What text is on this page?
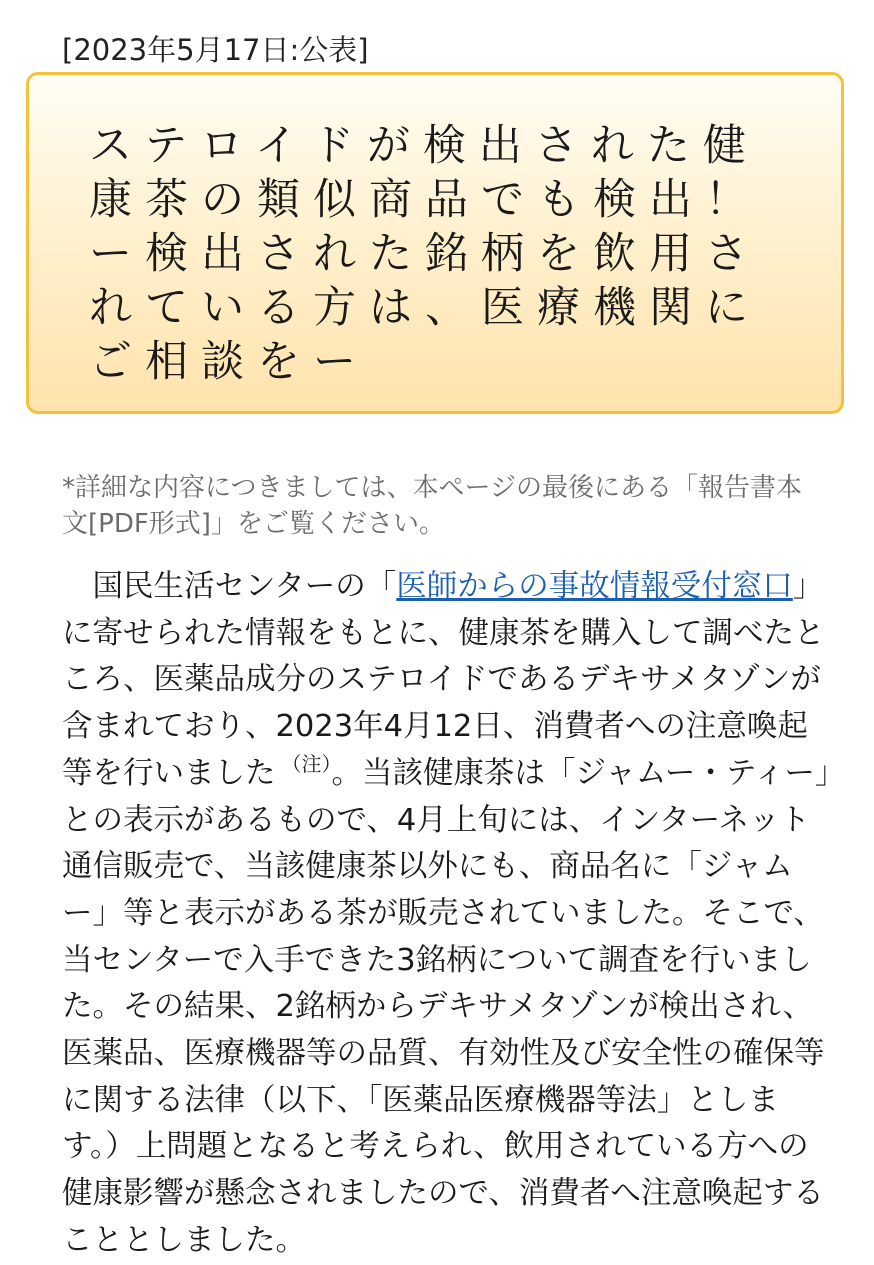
[2023年5月17日:公表]
ステロイドが検出された健康茶の類似商品でも検出！ー検出された銘柄を飲用されている方は、医療機関にご相談をー
*詳細な内容につきましては、本ページの最後にある「報告書本文[PDF形式]」をご覧ください。
国民生活センターの「医師からの事故情報受付窓口」に寄せられた情報をもとに、健康茶を購入して調べたところ、医薬品成分のステロイドであるデキサメタゾンが含まれており、2023年4月12日、消費者への注意喚起等を行いました $^{(注)}$。当該健康茶は「ジャムー・ティー」との表示があるもので、4月上旬には、インターネット通信販売で、当該健康茶以外にも、商品名に「ジャムー」等と表示がある茶が販売されていました。そこで、当センターで入手できた3銘柄について調査を行いました。その結果、2銘柄からデキサメタゾンが検出され、医薬品、医療機器等の品質、有効性及び安全性の確保等に関する法律（以下、「医薬品医療機器等法」とします。）上問題となると考えられ、飲用されている方への健康影響が懸念されましたので、消費者へ注意喚起することとしました。
